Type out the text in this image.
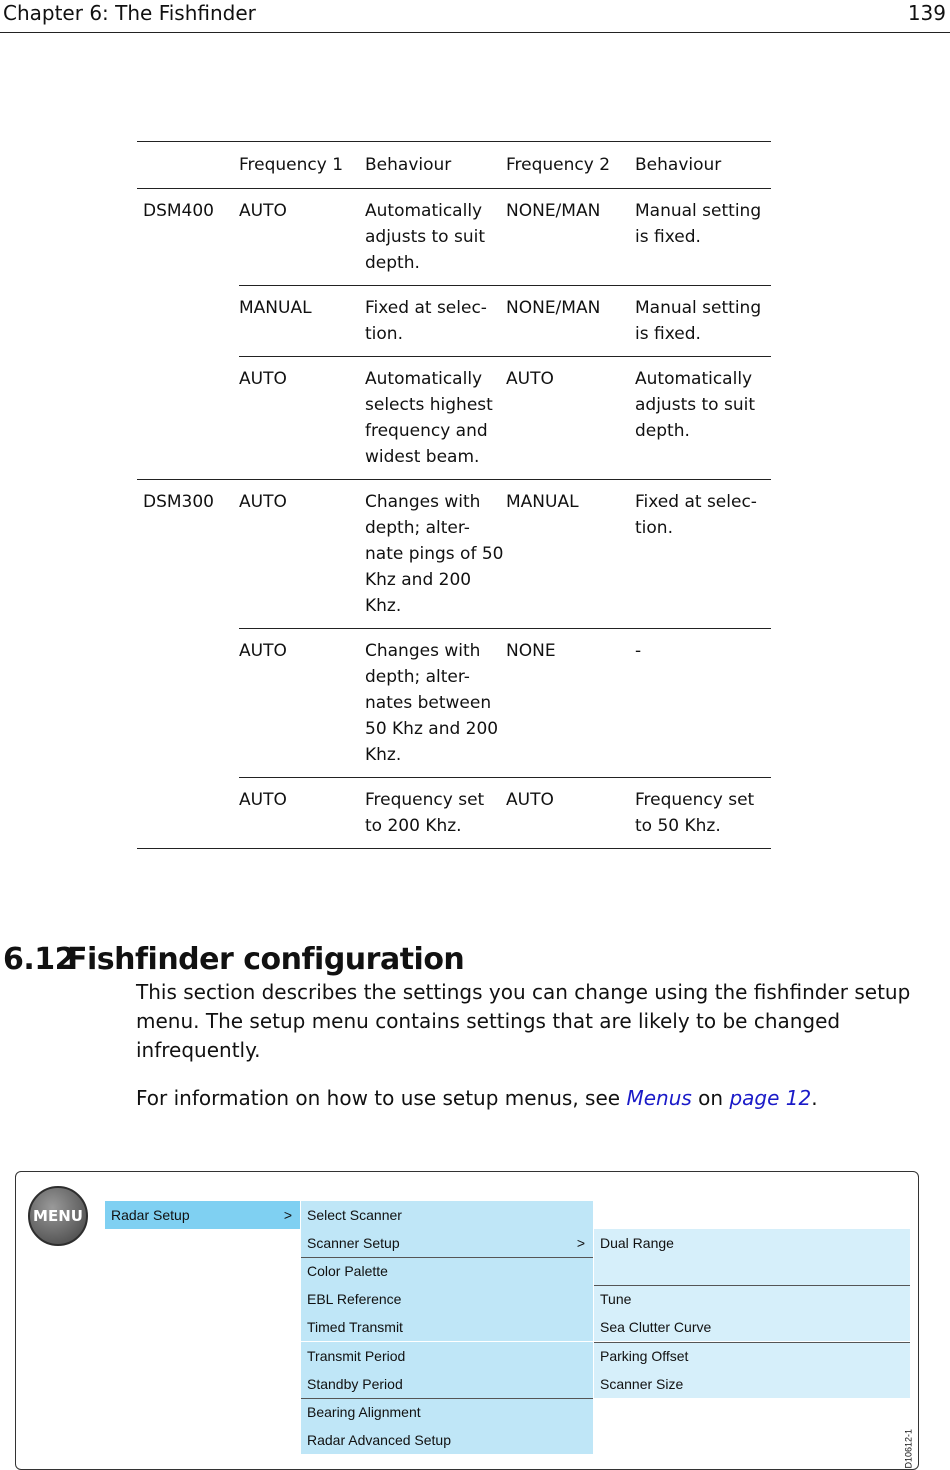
Chapter 6: The Fishfinder	139
	Frequency 1	Behaviour	Frequency 2	Behaviour
DSM400	AUTO	Automatically adjusts to suit depth.	NONE/MAN	Manual setting is fixed.
	MANUAL	Fixed at selec-tion.	NONE/MAN	Manual setting is fixed.
	AUTO	Automatically selects highest frequency and widest beam.	AUTO	Automatically adjusts to suit depth.
DSM300	AUTO	Changes with depth; alter-nate pings of 50 Khz and 200 Khz.	MANUAL	Fixed at selec-tion.
	AUTO	Changes with depth; alter-nates between 50 Khz and 200 Khz.	NONE	-
	AUTO	Frequency set to 200 Khz.	AUTO	Frequency set to 50 Khz.
6.12Fishfinder configuration

This section describes the settings you can change using the fishfinder setup menu. The setup menu contains settings that are likely to be changed infrequently.

For information on how to use setup menus, see Menus on page 12.

MENU	Radar Setup	>	Select Scanner
Scanner Setup	>
Color Palette
EBL Reference
Timed Transmit
Transmit Period
Standby Period
Bearing Alignment
Radar Advanced Setup
Dual Range
Tune
Sea Clutter Curve
Parking Offset
Scanner Size
D10612-1
